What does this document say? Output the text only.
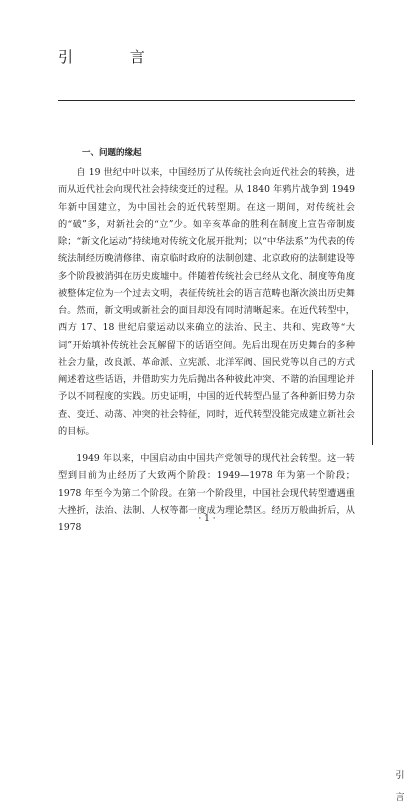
引 言
一、问题的缘起

自 19 世纪中叶以来，中国经历了从传统社会向近代社会的转换，进而从近代社会向现代社会持续变迁的过程。从 1840 年鸦片战争到 1949 年新中国建立，为中国社会的近代转型期。在这一期间，对传统社会的“破”多，对新社会的“立”少。如辛亥革命的胜利在制度上宣告帝制废除；“新文化运动”持续地对传统文化展开批判；以“中华法系”为代表的传统法制经历晚清修律、南京临时政府的法制创建、北京政府的法制建设等多个阶段被消弭在历史废墟中。伴随着传统社会已经从文化、制度等角度被整体定位为一个过去文明，表征传统社会的语言范畴也渐次淡出历史舞台。然而，新文明或新社会的面目却没有同时清晰起来。在近代转型中，西方 17、18 世纪启蒙运动以来确立的法治、民主、共和、宪政等“大词”开始填补传统社会瓦解留下的话语空间。先后出现在历史舞台的多种社会力量，改良派、革命派、立宪派、北洋军阀、国民党等以自己的方式阐述着这些话语，并借助实力先后抛出各种彼此冲突、不谐的治国理论并予以不同程度的实践。历史证明，中国的近代转型凸显了各种新旧势力杂查、变迁、动荡、冲突的社会特征，同时，近代转型没能完成建立新社会的目标。

1949 年以来，中国启动由中国共产党领导的现代社会转型。这一转型到目前为止经历了大致两个阶段：1949—1978 年为第一个阶段；1978 年至今为第二个阶段。在第一个阶段里，中国社会现代转型遭遇重大挫折，法治、法制、人权等都一度成为理论禁区。经历万般曲折后，从 1978

引言
· 1 ·
